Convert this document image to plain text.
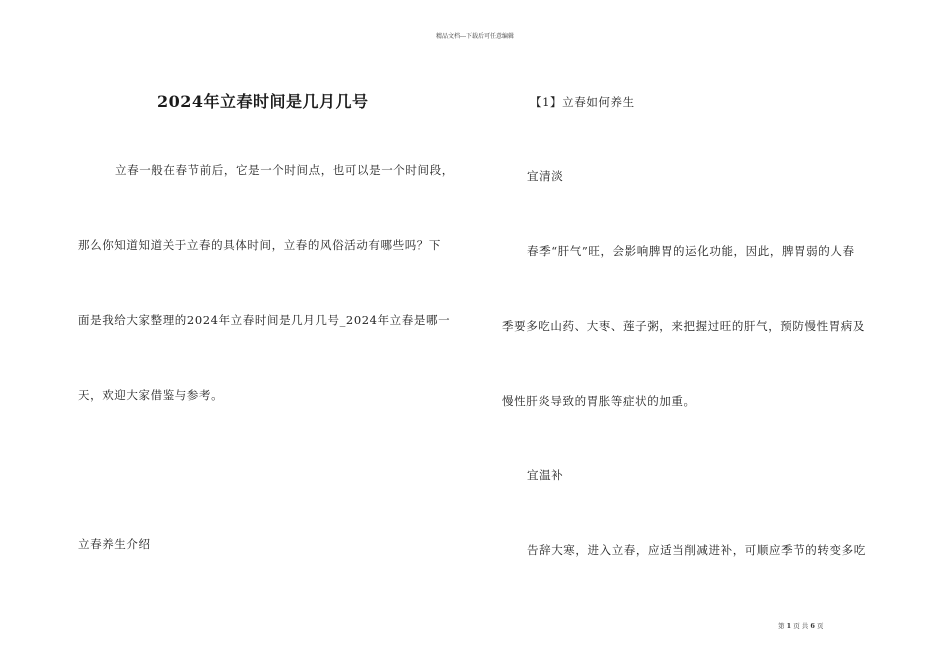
精品文档---下载后可任意编辑
2024年立春时间是几月几号
立春一般在春节前后，它是一个时间点，也可以是一个时间段，
那么你知道知道关于立春的具体时间，立春的风俗活动有哪些吗？下
面是我给大家整理的2024年立春时间是几月几号_2024年立春是哪一
天，欢迎大家借鉴与参考。
立春养生介绍
【1】立春如何养生
宜清淡
春季“肝气”旺，会影响脾胃的运化功能，因此，脾胃弱的人春
季要多吃山药、大枣、莲子粥，来把握过旺的肝气，预防慢性胃病及
慢性肝炎导致的胃胀等症状的加重。
宜温补
告辞大寒，进入立春，应适当削减进补，可顺应季节的转变多吃
第 1 页 共 6 页
